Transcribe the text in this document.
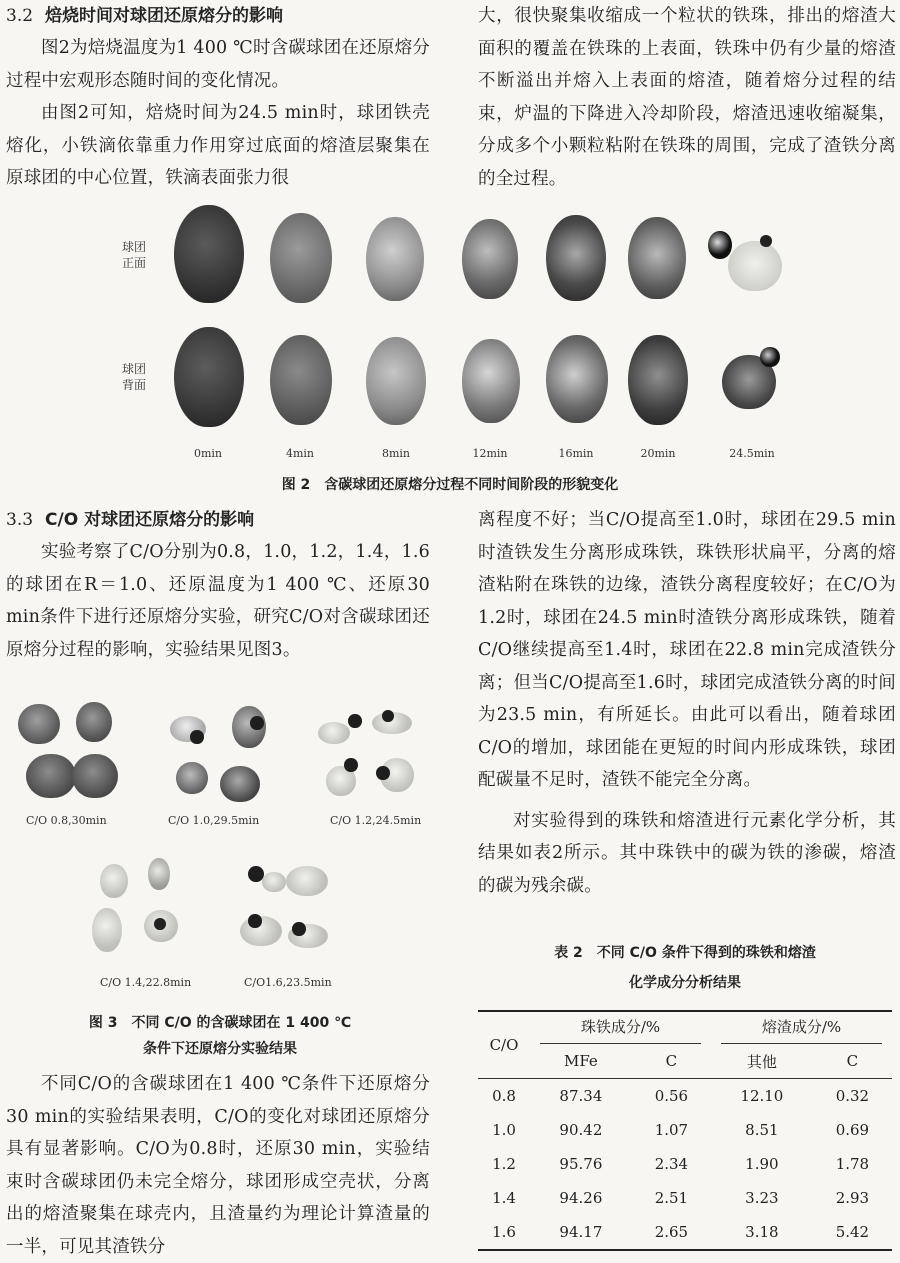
3.2 焙烧时间对球团还原熔分的影响

图2为焙烧温度为1 400 ℃时含碳球团在还原熔分过程中宏观形态随时间的变化情况。

由图2可知，焙烧时间为24.5 min时，球团铁壳熔化，小铁滴依靠重力作用穿过底面的熔渣层聚集在原球团的中心位置，铁滴表面张力很

大，很快聚集收缩成一个粒状的铁珠，排出的熔渣大面积的覆盖在铁珠的上表面，铁珠中仍有少量的熔渣不断溢出并熔入上表面的熔渣，随着熔分过程的结束，炉温的下降进入冷却阶段，熔渣迅速收缩凝集，分成多个小颗粒粘附在铁珠的周围，完成了渣铁分离的全过程。

球团
正面
球团
背面
0min	4min	8min	12min	16min	20min	24.5min
图 2　含碳球团还原熔分过程不同时间阶段的形貌变化
3.3 C/O 对球团还原熔分的影响

实验考察了C/O分别为0.8，1.0，1.2，1.4，1.6的球团在R＝1.0、还原温度为1 400 ℃、还原30 min条件下进行还原熔分实验，研究C/O对含碳球团还原熔分过程的影响，实验结果见图3。

C/O 0.8,30min	C/O 1.0,29.5min	C/O 1.2,24.5min
C/O 1.4,22.8min	C/O1.6,23.5min
图 3　不同 C/O 的含碳球团在 1 400 ℃
条件下还原熔分实验结果

不同C/O的含碳球团在1 400 ℃条件下还原熔分30 min的实验结果表明，C/O的变化对球团还原熔分具有显著影响。C/O为0.8时，还原30 min，实验结束时含碳球团仍未完全熔分，球团形成空壳状，分离出的熔渣聚集在球壳内，且渣量约为理论计算渣量的一半，可见其渣铁分

离程度不好；当C/O提高至1.0时，球团在29.5 min时渣铁发生分离形成珠铁，珠铁形状扁平，分离的熔渣粘附在珠铁的边缘，渣铁分离程度较好；在C/O为1.2时，球团在24.5 min时渣铁分离形成珠铁，随着C/O继续提高至1.4时，球团在22.8 min完成渣铁分离；但当C/O提高至1.6时，球团完成渣铁分离的时间为23.5 min，有所延长。由此可以看出，随着球团C/O的增加，球团能在更短的时间内形成珠铁，球团配碳量不足时，渣铁不能完全分离。

对实验得到的珠铁和熔渣进行元素化学分析，其结果如表2所示。其中珠铁中的碳为铁的渗碳，熔渣的碳为残余碳。

表 2　不同 C/O 条件下得到的珠铁和熔渣
化学成分分析结果
C/O	珠铁成分/%		熔渣成分/%	

	MFe	C	其他	C
0.8	87.34	0.56	12.10	0.32
1.0	90.42	1.07	8.51	0.69
1.2	95.76	2.34	1.90	1.78
1.4	94.26	2.51	3.23	2.93
1.6	94.17	2.65	3.18	5.42
